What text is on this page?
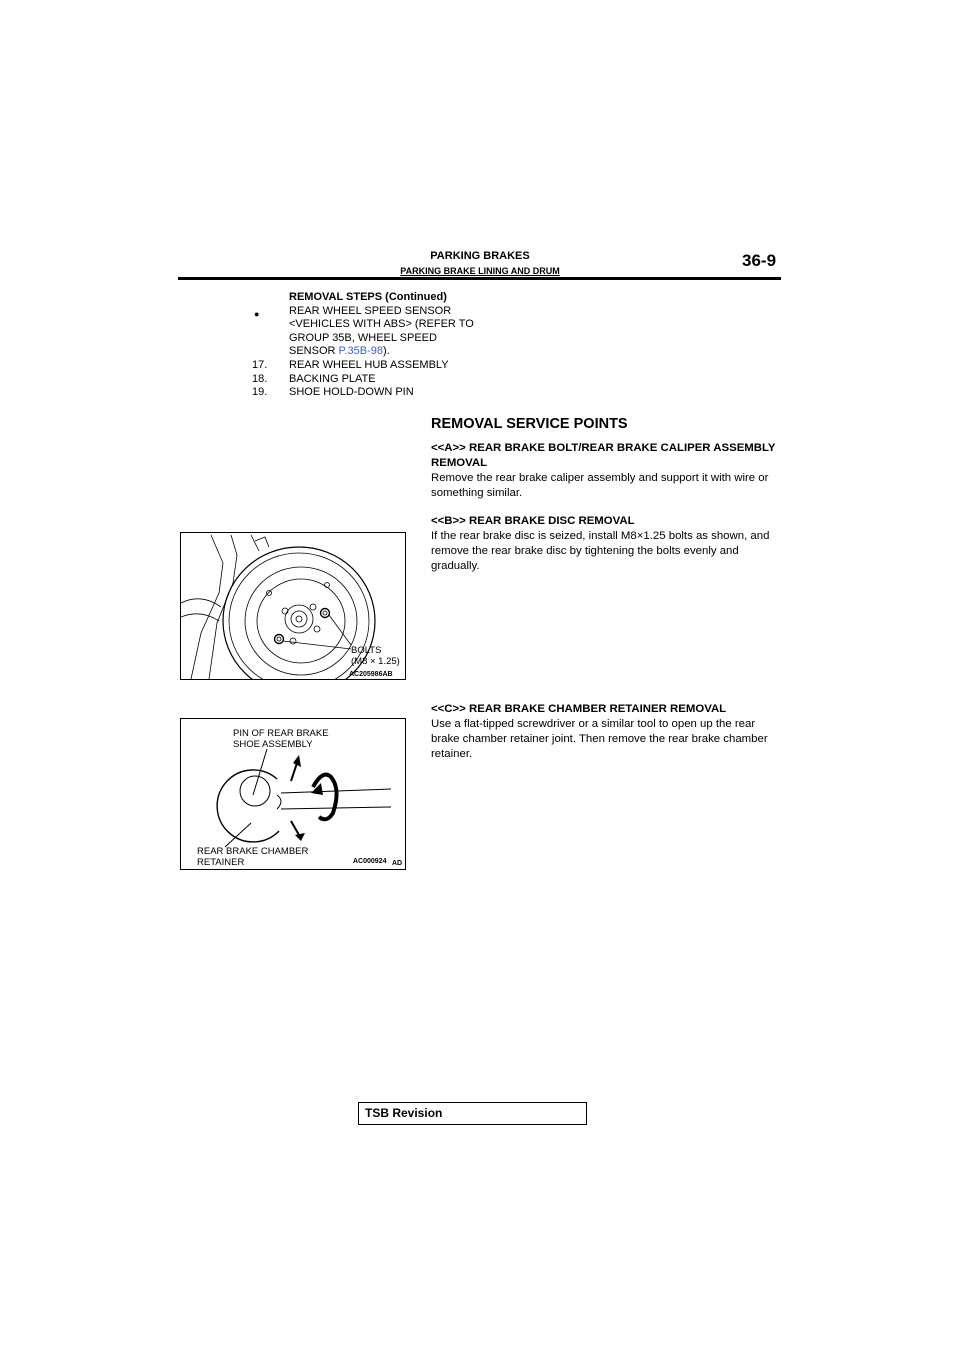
PARKING BRAKES
PARKING BRAKE LINING AND DRUM
36-9
REMOVAL STEPS (Continued)
●	REAR WHEEL SPEED SENSOR <VEHICLES WITH ABS> (REFER TO GROUP 35B, WHEEL SPEED SENSOR P.35B-98).
17.	REAR WHEEL HUB ASSEMBLY
18.	BACKING PLATE
19.	SHOE HOLD-DOWN PIN
REMOVAL SERVICE POINTS
<<A>> REAR BRAKE BOLT/REAR BRAKE CALIPER ASSEMBLY REMOVAL
Remove the rear brake caliper assembly and support it with wire or something similar.
<<B>> REAR BRAKE DISC REMOVAL
If the rear brake disc is seized, install M8×1.25 bolts as shown, and remove the rear brake disc by tightening the bolts evenly and gradually.
<<C>> REAR BRAKE CHAMBER RETAINER REMOVAL
Use a flat-tipped screwdriver or a similar tool to open up the rear brake chamber retainer joint. Then remove the rear brake chamber retainer.
BOLTS
(M8 × 1.25)
AC205986AB
PIN OF REAR BRAKE
SHOE ASSEMBLY
REAR BRAKE CHAMBER
RETAINER	AC000924 AD
TSB Revision
